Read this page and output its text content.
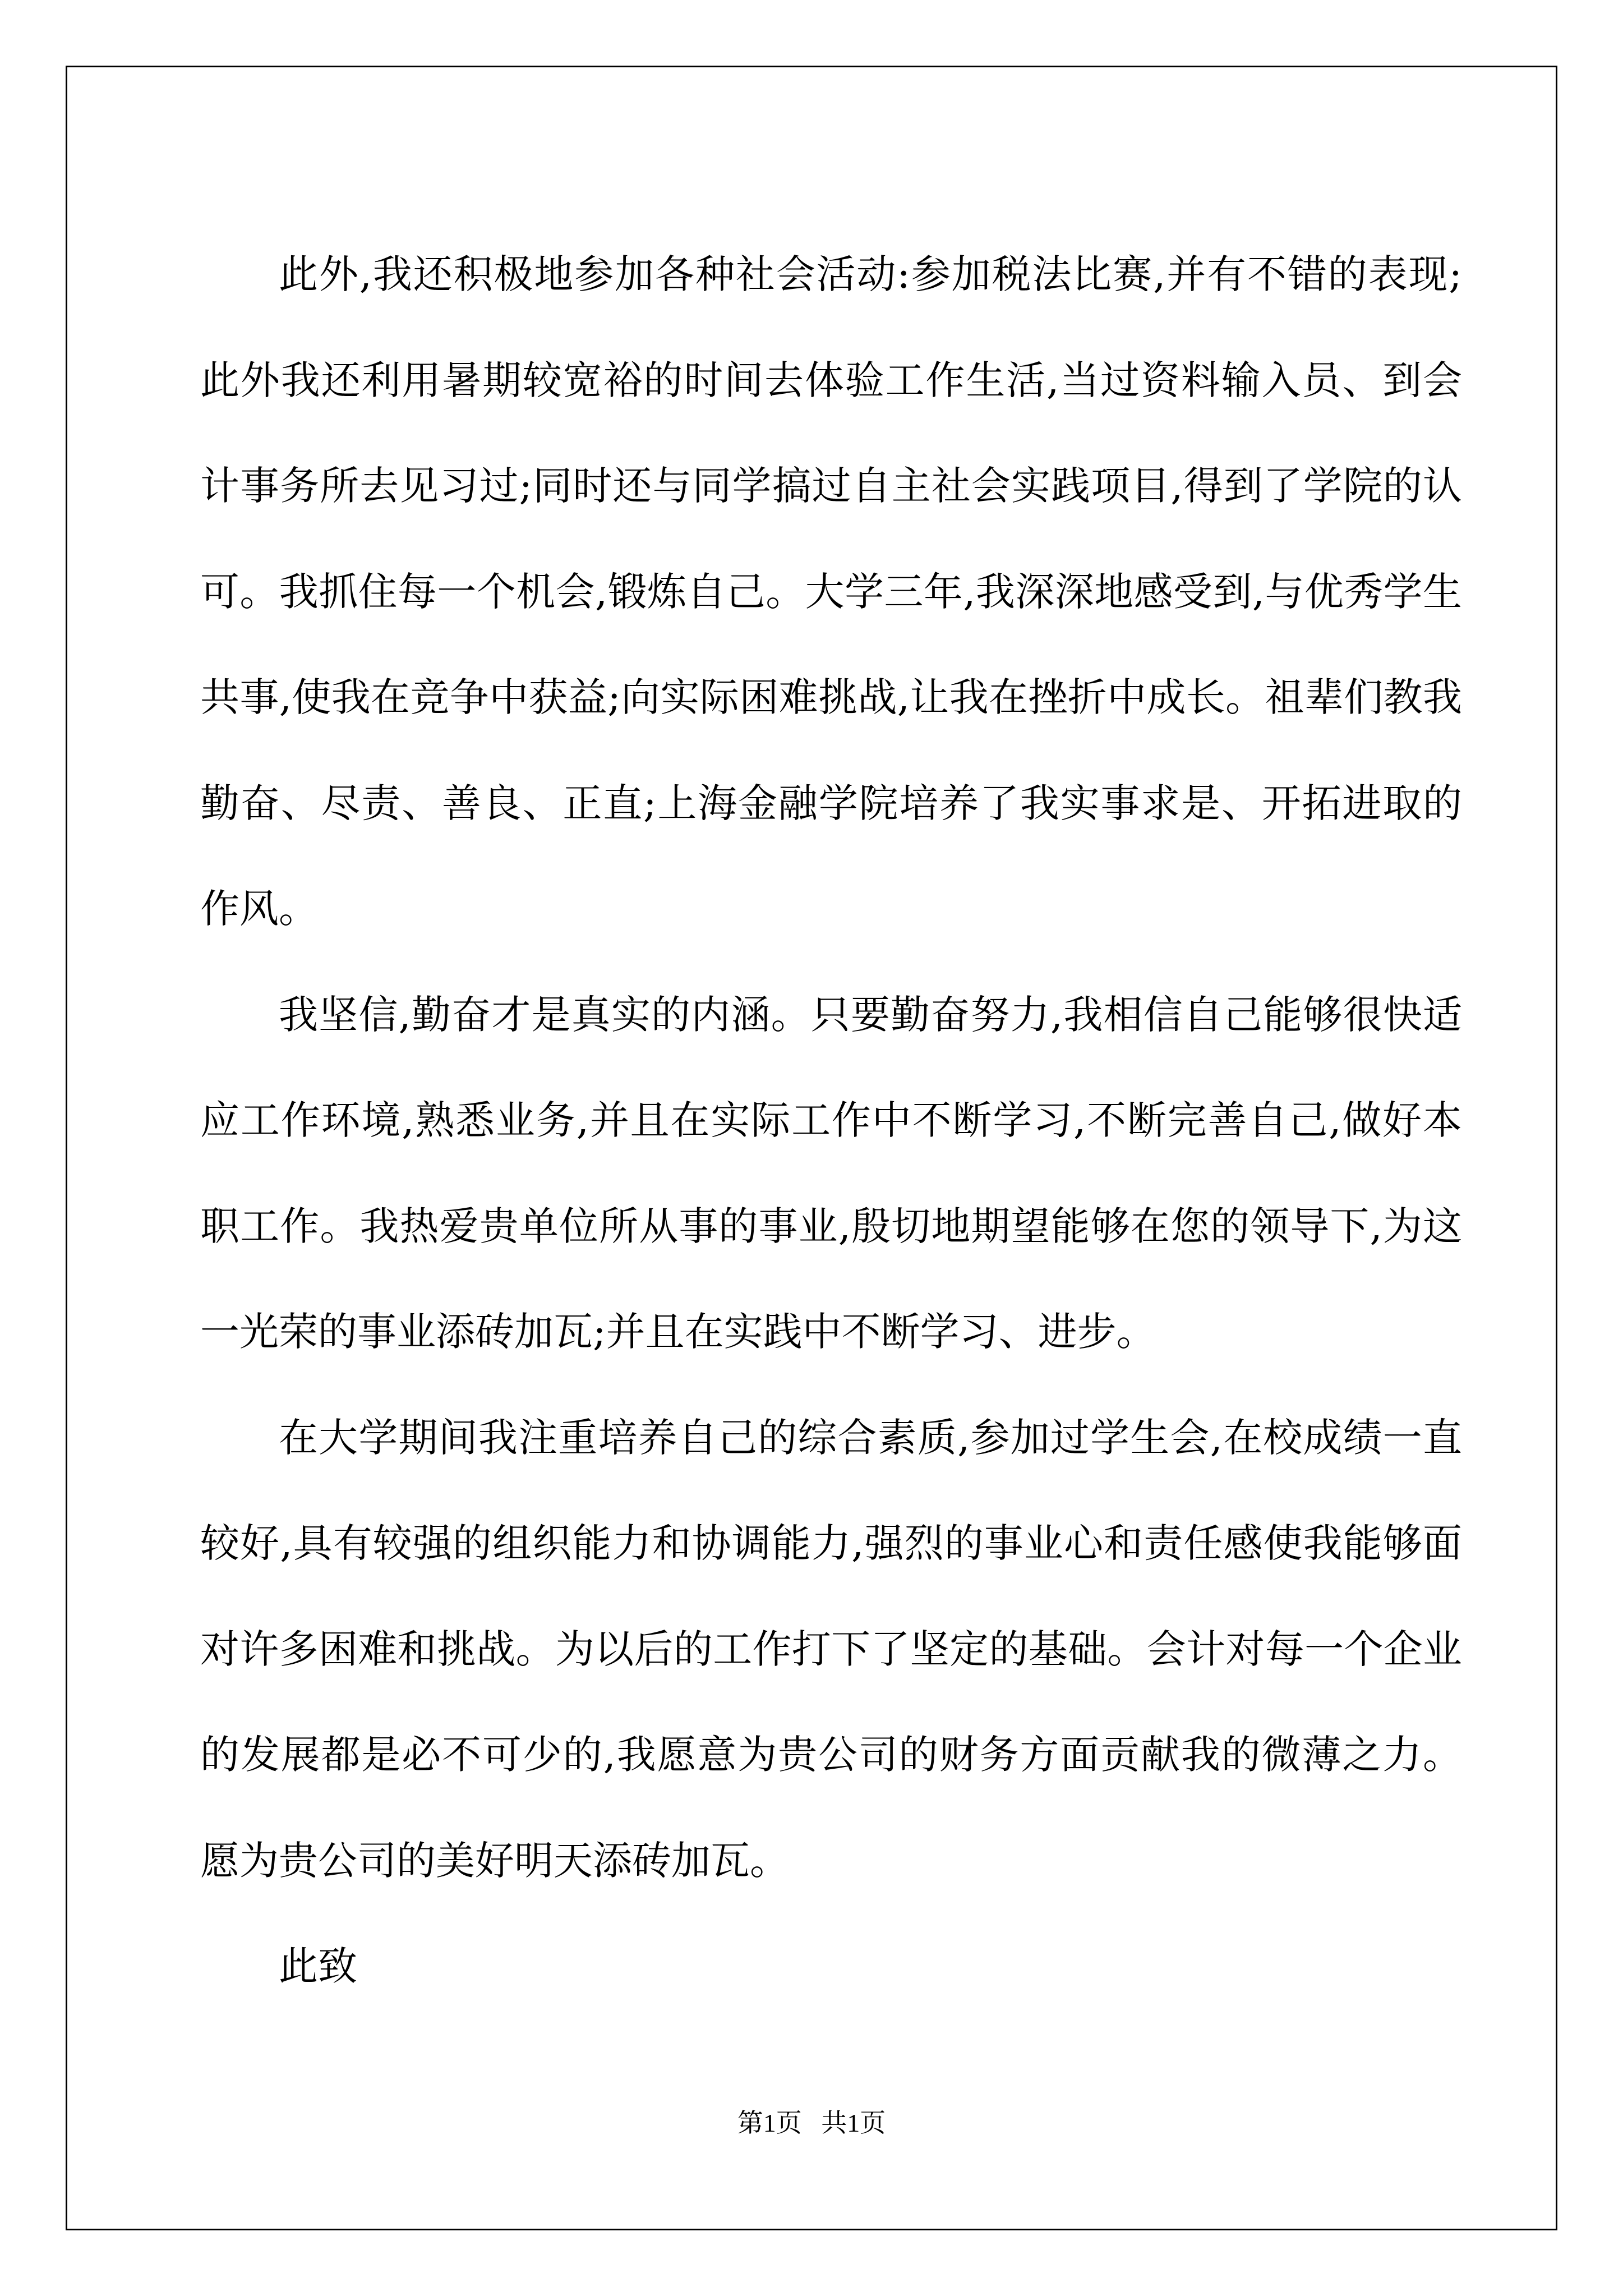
此外,我还积极地参加各种社会活动:参加税法比赛,并有不错的表现;此外我还利用暑期较宽裕的时间去体验工作生活,当过资料输入员、到会计事务所去见习过;同时还与同学搞过自主社会实践项目,得到了学院的认可。我抓住每一个机会,锻炼自己。大学三年,我深深地感受到,与优秀学生共事,使我在竞争中获益;向实际困难挑战,让我在挫折中成长。祖辈们教我勤奋、尽责、善良、正直;上海金融学院培养了我实事求是、开拓进取的作风。

我坚信,勤奋才是真实的内涵。只要勤奋努力,我相信自己能够很快适应工作环境,熟悉业务,并且在实际工作中不断学习,不断完善自己,做好本职工作。我热爱贵单位所从事的事业,殷切地期望能够在您的领导下,为这一光荣的事业添砖加瓦;并且在实践中不断学习、进步。

在大学期间我注重培养自己的综合素质,参加过学生会,在校成绩一直较好,具有较强的组织能力和协调能力,强烈的事业心和责任感使我能够面对许多困难和挑战。为以后的工作打下了坚定的基础。会计对每一个企业的发展都是必不可少的,我愿意为贵公司的财务方面贡献我的微薄之力。愿为贵公司的美好明天添砖加瓦。

此致

第1页   共1页
